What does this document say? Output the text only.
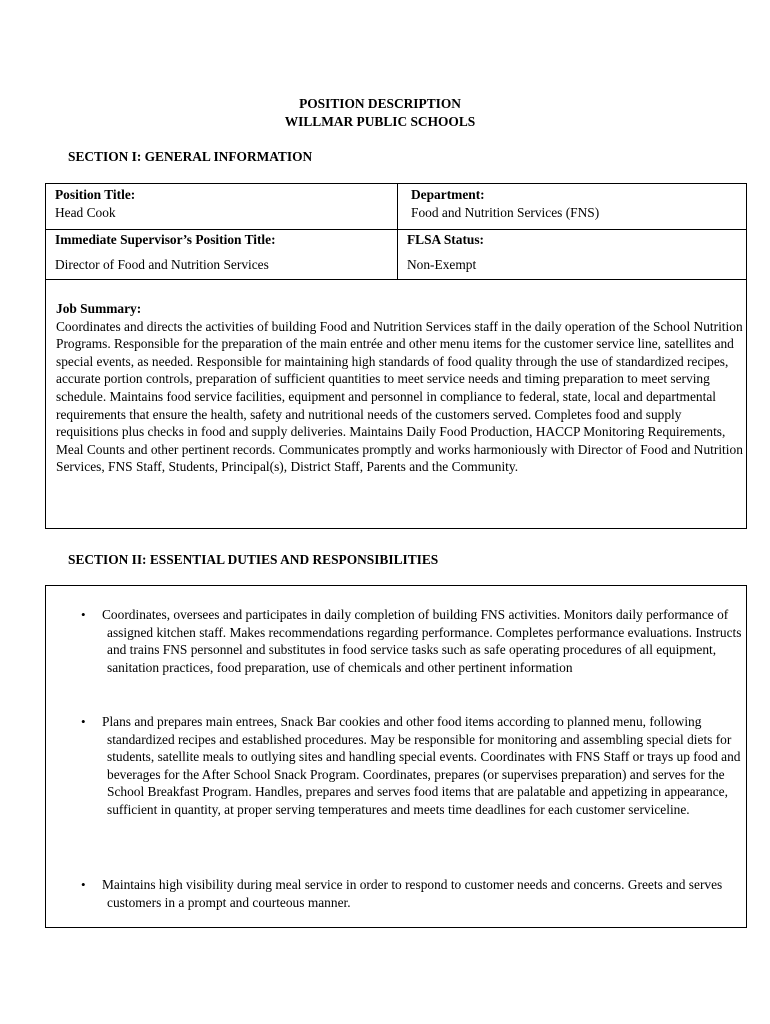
POSITION DESCRIPTION
WILLMAR PUBLIC SCHOOLS
SECTION I: GENERAL INFORMATION
Position Title:
Head Cook
Department:
Food and Nutrition Services (FNS)
Immediate Supervisor’s Position Title:
Director of Food and Nutrition Services
FLSA Status:
Non-Exempt
Job Summary:

Coordinates and directs the activities of building Food and Nutrition Services staff in the daily operation of the School Nutrition Programs. Responsible for the preparation of the main entrée and other menu items for the customer service line, satellites and special events, as needed. Responsible for maintaining high standards of food quality through the use of standardized recipes, accurate portion controls, preparation of sufficient quantities to meet service needs and timing preparation to meet serving schedule. Maintains food service facilities, equipment and personnel in compliance to federal, state, local and departmental requirements that ensure the health, safety and nutritional needs of the customers served. Completes food and supply requisitions plus checks in food and supply deliveries. Maintains Daily Food Production, HACCP Monitoring Requirements, Meal Counts and other pertinent records. Communicates promptly and works harmoniously with Director of Food and Nutrition Services, FNS Staff, Students, Principal(s), District Staff, Parents and the Community.

SECTION II: ESSENTIAL DUTIES AND RESPONSIBILITIES
• Coordinates, oversees and participates in daily completion of building FNS activities. Monitors daily performance of assigned kitchen staff. Makes recommendations regarding performance. Completes performance evaluations. Instructs and trains FNS personnel and substitutes in food service tasks such as safe operating procedures of all equipment, sanitation practices, food preparation, use of chemicals and other pertinent information

• Plans and prepares main entrees, Snack Bar cookies and other food items according to planned menu, following standardized recipes and established procedures. May be responsible for monitoring and assembling special diets for students, satellite meals to outlying sites and handling special events. Coordinates with FNS Staff or trays up food and beverages for the After School Snack Program. Coordinates, prepares (or supervises preparation) and serves for the School Breakfast Program. Handles, prepares and serves food items that are palatable and appetizing in appearance, sufficient in quantity, at proper serving temperatures and meets time deadlines for each customer serviceline.

• Maintains high visibility during meal service in order to respond to customer needs and concerns. Greets and serves customers in a prompt and courteous manner.
